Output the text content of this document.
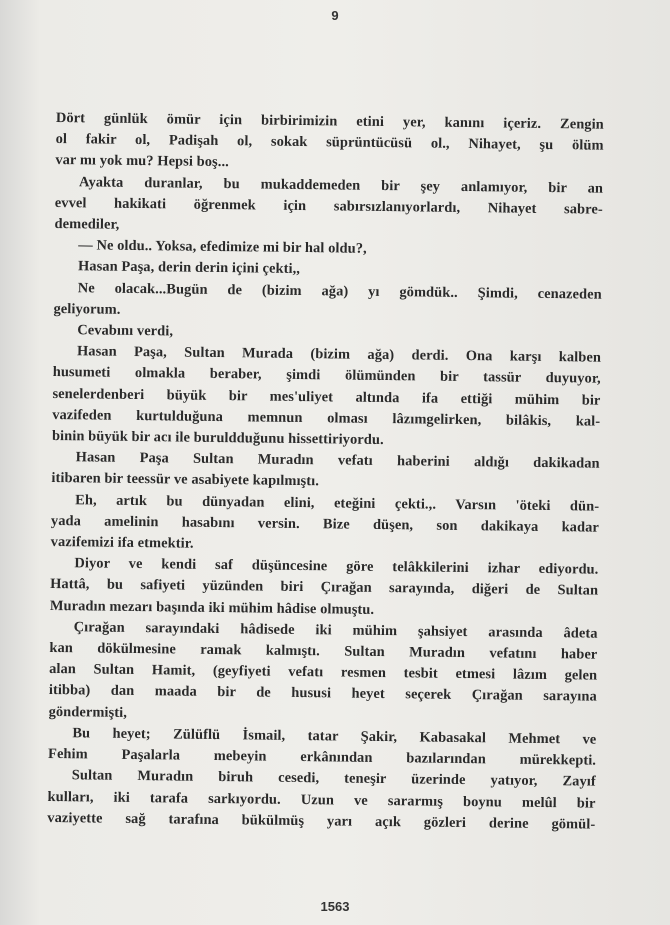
9
Dört günlük ömür için birbirimizin etini yer, kanını içeriz. Zengin
ol fakir ol, Padişah ol, sokak süprüntücüsü ol., Nihayet, şu ölüm
var mı yok mu? Hepsi boş...
Ayakta duranlar, bu mukaddemeden bir şey anlamıyor, bir an
evvel hakikati öğrenmek için sabırsızlanıyorlardı, Nihayet sabre-
demediler,
— Ne oldu.. Yoksa, efedimize mi bir hal oldu?,
Hasan Paşa, derin derin içini çekti,,
Ne olacak...Bugün de (bizim ağa) yı gömdük.. Şimdi, cenazeden
geliyorum.
Cevabını verdi,
Hasan Paşa, Sultan Murada (bizim ağa) derdi. Ona karşı kalben
husumeti olmakla beraber, şimdi ölümünden bir tassür duyuyor,
senelerdenberi büyük bir mes'uliyet altında ifa ettiği mühim bir
vazifeden kurtulduğuna memnun olması lâzımgelirken, bilâkis, kal-
binin büyük bir acı ile buruldduğunu hissettiriyordu.
Hasan Paşa Sultan Muradın vefatı haberini aldığı dakikadan
itibaren bir teessür ve asabiyete kapılmıştı.
Eh, artık bu dünyadan elini, eteğini çekti.,. Varsın 'öteki dün-
yada amelinin hasabını versin. Bize düşen, son dakikaya kadar
vazifemizi ifa etmektir.
Diyor ve kendi saf düşüncesine göre telâkkilerini izhar ediyordu.
Hattâ, bu safiyeti yüzünden biri Çırağan sarayında, diğeri de Sultan
Muradın mezarı başında iki mühim hâdise olmuştu.
Çırağan sarayındaki hâdisede iki mühim şahsiyet arasında âdeta
kan dökülmesine ramak kalmıştı. Sultan Muradın vefatını haber
alan Sultan Hamit, (geyfiyeti vefatı resmen tesbit etmesi lâzım gelen
itibba) dan maada bir de hususi heyet seçerek Çırağan sarayına
göndermişti,
Bu heyet; Zülüflü İsmail, tatar Şakir, Kabasakal Mehmet ve
Fehim Paşalarla mebeyin erkânından bazılarından mürekkepti.
Sultan Muradın biruh cesedi, teneşir üzerinde yatıyor, Zayıf
kulları, iki tarafa sarkıyordu. Uzun ve sararmış boynu melûl bir
vaziyette sağ tarafına bükülmüş yarı açık gözleri derine gömül-
1563
